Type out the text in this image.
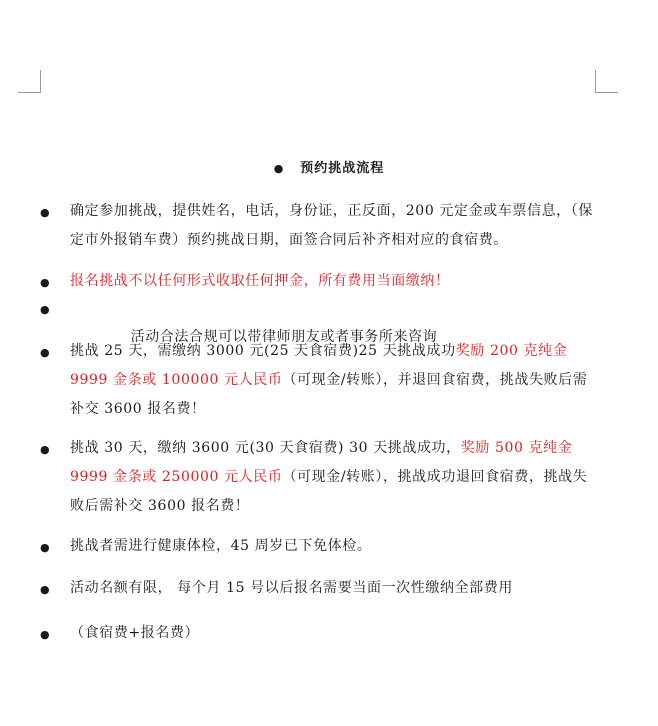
● 预约挑战流程
● 确定参加挑战，提供姓名，电话，身份证，正反面，200 元定金或车票信息，（保定市外报销车费）预约挑战日期，面签合同后补齐相对应的食宿费。
● 报名挑战不以任何形式收取任何押金，所有费用当面缴纳！
●

活动合法合规可以带律师朋友或者事务所来咨询

● 挑战 25 天，需缴纳 3000 元(25 天食宿费)25 天挑战成功奖励 200 克纯金 9999 金条或 100000 元人民币（可现金/转账），并退回食宿费，挑战失败后需补交 3600 报名费！
● 挑战 30 天，缴纳 3600 元(30 天食宿费) 30 天挑战成功，奖励 500 克纯金 9999 金条或 250000 元人民币（可现金/转账），挑战成功退回食宿费，挑战失败后需补交 3600 报名费！
● 挑战者需进行健康体检，45 周岁已下免体检。
● 活动名额有限， 每个月 15 号以后报名需要当面一次性缴纳全部费用
● （食宿费+报名费）
